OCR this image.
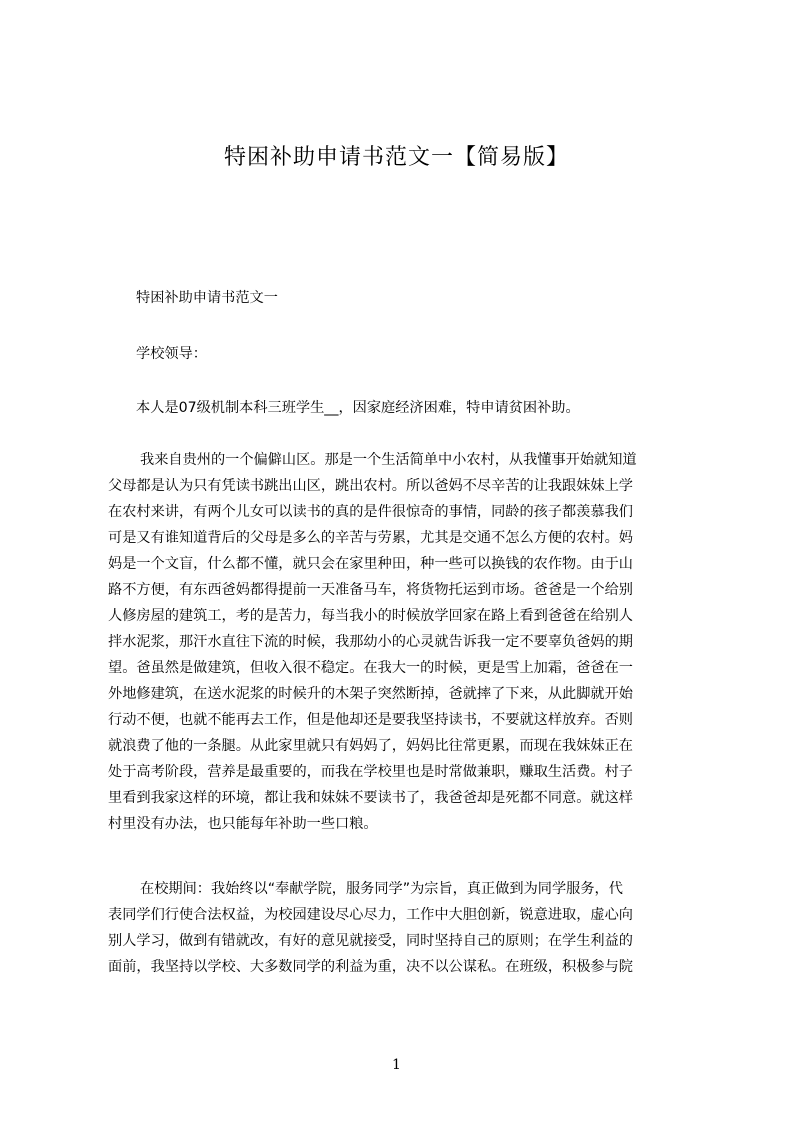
特困补助申请书范文一【简易版】

特困补助申请书范文一

学校领导：

本人是07级机制本科三班学生__，因家庭经济困难，特申请贫困补助。

我来自贵州的一个偏僻山区。那是一个生活简单中小农村，从我懂事开始就知道
父母都是认为只有凭读书跳出山区，跳出农村。所以爸妈不尽辛苦的让我跟妹妹上学
在农村来讲，有两个儿女可以读书的真的是件很惊奇的事情，同龄的孩子都羡慕我们
可是又有谁知道背后的父母是多么的辛苦与劳累，尤其是交通不怎么方便的农村。妈
妈是一个文盲，什么都不懂，就只会在家里种田，种一些可以换钱的农作物。由于山
路不方便，有东西爸妈都得提前一天准备马车，将货物托运到市场。爸爸是一个给别
人修房屋的建筑工，考的是苦力，每当我小的时候放学回家在路上看到爸爸在给别人
拌水泥浆，那汗水直往下流的时候，我那幼小的心灵就告诉我一定不要辜负爸妈的期
望。爸虽然是做建筑，但收入很不稳定。在我大一的时候，更是雪上加霜，爸爸在一
外地修建筑，在送水泥浆的时候升的木架子突然断掉，爸就摔了下来，从此脚就开始
行动不便，也就不能再去工作，但是他却还是要我坚持读书，不要就这样放弃。否则
就浪费了他的一条腿。从此家里就只有妈妈了，妈妈比往常更累，而现在我妹妹正在
处于高考阶段，营养是最重要的，而我在学校里也是时常做兼职，赚取生活费。村子
里看到我家这样的环境，都让我和妹妹不要读书了，我爸爸却是死都不同意。就这样
村里没有办法，也只能每年补助一些口粮。
在校期间：我始终以“奉献学院，服务同学”为宗旨，真正做到为同学服务，代
表同学们行使合法权益，为校园建设尽心尽力，工作中大胆创新，锐意进取，虚心向
别人学习，做到有错就改，有好的意见就接受，同时坚持自己的原则；在学生利益的
面前，我坚持以学校、大多数同学的利益为重，决不以公谋私。在班级，积极参与院
1
